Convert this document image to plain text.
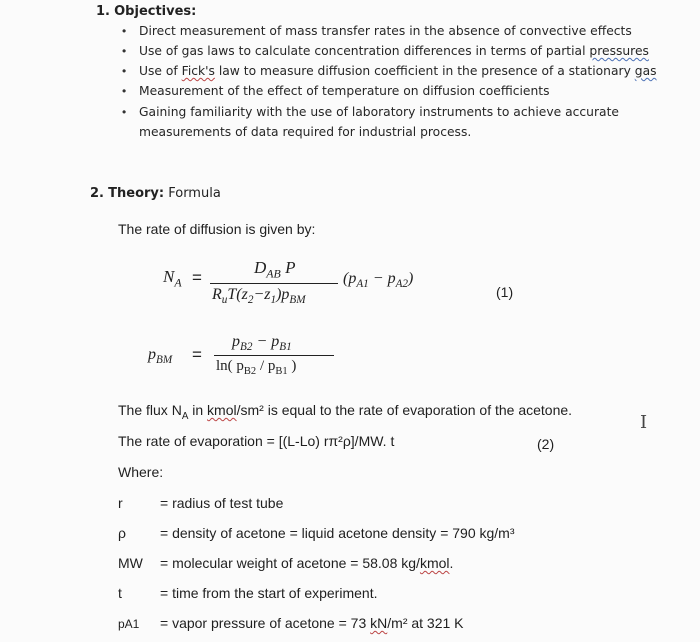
1. Objectives:
• Direct measurement of mass transfer rates in the absence of convective effects
• Use of gas laws to calculate concentration differences in terms of partial pressures
• Use of Fick's law to measure diffusion coefficient in the presence of a stationary gas
• Measurement of the effect of temperature on diffusion coefficients
• Gaining familiarity with the use of laboratory instruments to achieve accurate
measurements of data required for industrial process.
2. Theory: Formula
The rate of diffusion is given by:
$N_A$ =
$D_{AB}$ P
$R_uT(z_2-z_1)p_{BM}$
$(p_{A1} - p_{A2})$
(1)
$p_{BM}$ =
$p_{B2} - p_{B1}$
ln( $p_{B2} / p_{B1}$ )
The flux $N_A$ in kmol/sm² is equal to the rate of evaporation of the acetone.
The rate of evaporation = [(L-Lo) rπ²ρ]/MW. t	(2)
Where:
r	= radius of test tube
ρ = density of acetone = liquid acetone density = 790 kg/m³
MW = molecular weight of acetone = 58.08 kg/kmol.
t	= time from the start of experiment.
pA1 = vapor pressure of acetone = 73 kN/m² at 321 K
I
